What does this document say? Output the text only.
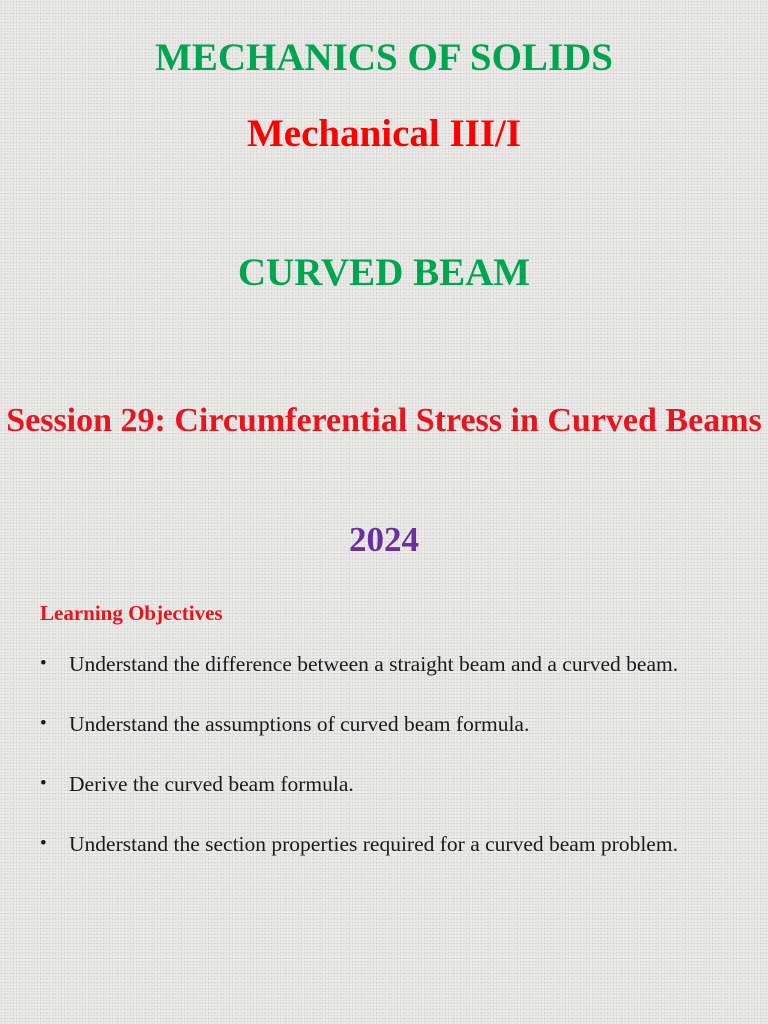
MECHANICS OF SOLIDS
Mechanical III/I
CURVED BEAM
Session 29: Circumferential Stress in Curved Beams
2024
Learning Objectives
• Understand the difference between a straight beam and a curved beam.
• Understand the assumptions of curved beam formula.
• Derive the curved beam formula.
• Understand the section properties required for a curved beam problem.
